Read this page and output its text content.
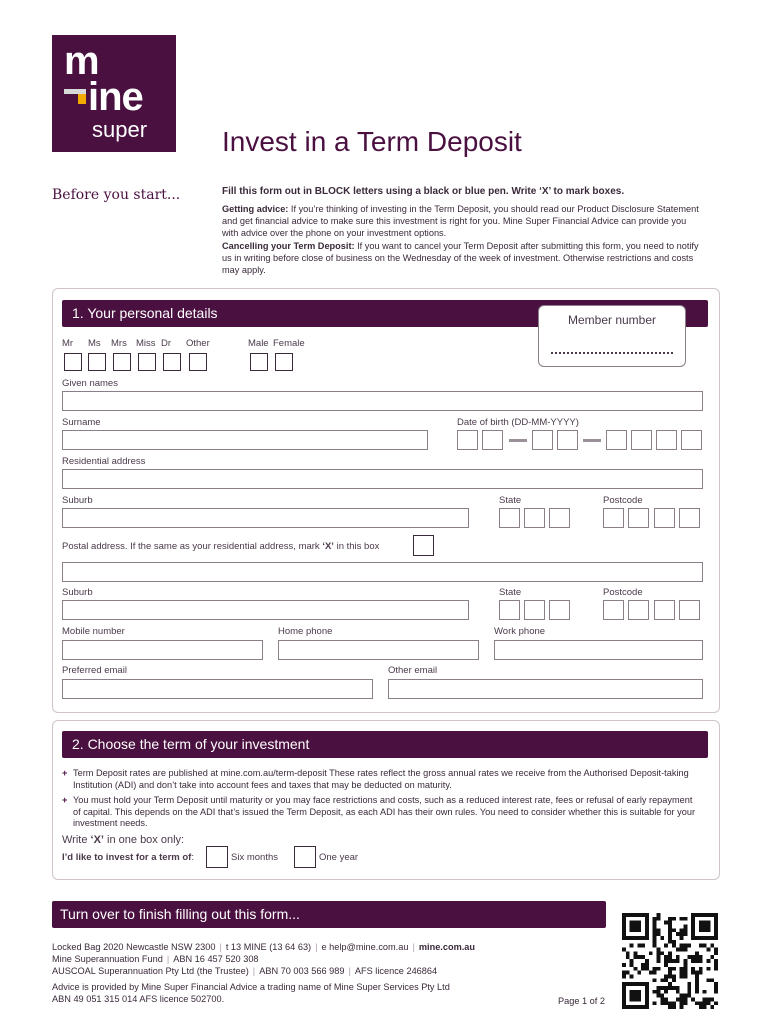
m
ine
super	Invest in a Term Deposit
Before you start...	Fill this form out in BLOCK letters using a black or blue pen. Write ‘X’ to mark boxes.
Getting advice: If you’re thinking of investing in the Term Deposit, you should read our Product Disclosure Statement and get financial advice to make sure this investment is right for you. Mine Super Financial Advice can provide you with advice over the phone on your investment options.
Cancelling your Term Deposit: If you want to cancel your Term Deposit after submitting this form, you need to notify us in writing before close of business on the Wednesday of the week of investment. Otherwise restrictions and costs may apply.
1. Your personal details	Member number
Mr Ms Mrs Miss Dr Other	Male Female
Given names
Surname	Date of birth (DD-MM-YYYY)
Residential address
Suburb	State	Postcode
Postal address. If the same as your residential address, mark ‘X’ in this box
Suburb	State	Postcode
Mobile number	Home phone	Work phone
Preferred email	Other email
2. Choose the term of your investment
+ Term Deposit rates are published at mine.com.au/term-deposit These rates reflect the gross annual rates we receive from the Authorised Deposit-taking Institution (ADI) and don’t take into account fees and taxes that may be deducted on maturity.
+ You must hold your Term Deposit until maturity or you may face restrictions and costs, such as a reduced interest rate, fees or refusal of early repayment of capital. This depends on the ADI that’s issued the Term Deposit, as each ADI has their own rules. You need to consider whether this is suitable for your investment needs.
Write ‘X’ in one box only:
I’d like to invest for a term of:	Six months	One year
Turn over to finish filling out this form...
Locked Bag 2020 Newcastle NSW 2300 | t 13 MINE (13 64 63) | e help@mine.com.au | mine.com.au
Mine Superannuation Fund | ABN 16 457 520 308
AUSCOAL Superannuation Pty Ltd (the Trustee) | ABN 70 003 566 989 | AFS licence 246864
Advice is provided by Mine Super Financial Advice a trading name of Mine Super Services Pty Ltd
ABN 49 051 315 014 AFS licence 502700.	Page 1 of 2
